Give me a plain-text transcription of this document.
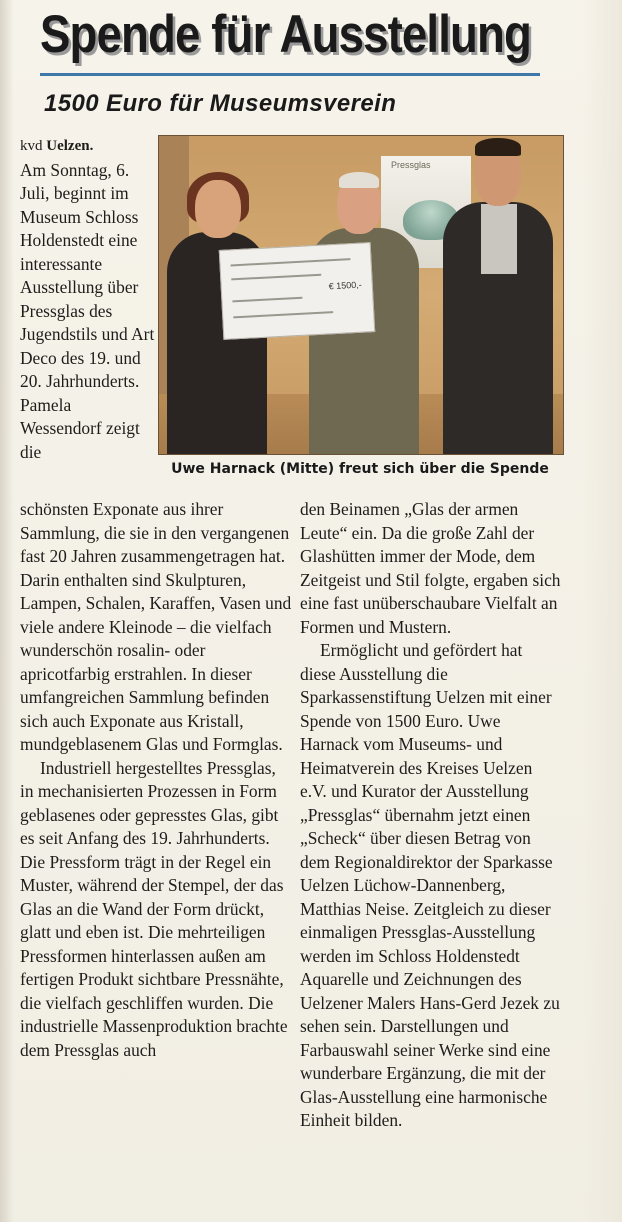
Spende für Ausstellung
1500 Euro für Museumsverein
Pressglas
€ 1500,-

Uwe Harnack (Mitte) freut sich über die Spende

kvd Uelzen.

Am Sonntag, 6. Juli, beginnt im Museum Schloss Holdenstedt eine interessante Ausstellung über Pressglas des Jugendstils und Art Deco des 19. und 20. Jahrhunderts. Pamela Wessendorf zeigt die

schönsten Exponate aus ihrer Sammlung, die sie in den vergangenen fast 20 Jahren zusammengetragen hat. Darin enthalten sind Skulpturen, Lampen, Schalen, Karaffen, Vasen und viele andere Kleinode – die vielfach wunderschön rosalin- oder apricotfarbig erstrahlen. In dieser umfangreichen Sammlung befinden sich auch Exponate aus Kristall, mundgeblasenem Glas und Formglas.

Industriell hergestelltes Pressglas, in mechanisierten Prozessen in Form geblasenes oder gepresstes Glas, gibt es seit Anfang des 19. Jahrhunderts. Die Pressform trägt in der Regel ein Muster, während der Stempel, der das Glas an die Wand der Form drückt, glatt und eben ist. Die mehrteiligen Pressformen hinterlassen außen am fertigen Produkt sichtbare Pressnähte, die vielfach geschliffen wurden. Die industrielle Massenproduktion brachte dem Pressglas auch

den Beinamen „Glas der armen Leute“ ein. Da die große Zahl der Glashütten immer der Mode, dem Zeitgeist und Stil folgte, ergaben sich eine fast unüberschaubare Vielfalt an Formen und Mustern.

Ermöglicht und gefördert hat diese Ausstellung die Sparkassenstiftung Uelzen mit einer Spende von 1500 Euro. Uwe Harnack vom Museums- und Heimatverein des Kreises Uelzen e.V. und Kurator der Ausstellung „Pressglas“ übernahm jetzt einen „Scheck“ über diesen Betrag von dem Regionaldirektor der Sparkasse Uelzen Lüchow-Dannenberg, Matthias Neise. Zeitgleich zu dieser einmaligen Pressglas-Ausstellung werden im Schloss Holdenstedt Aquarelle und Zeichnungen des Uelzener Malers Hans-Gerd Jezek zu sehen sein. Darstellungen und Farbauswahl seiner Werke sind eine wunderbare Ergänzung, die mit der Glas-Ausstellung eine harmonische Einheit bilden.
